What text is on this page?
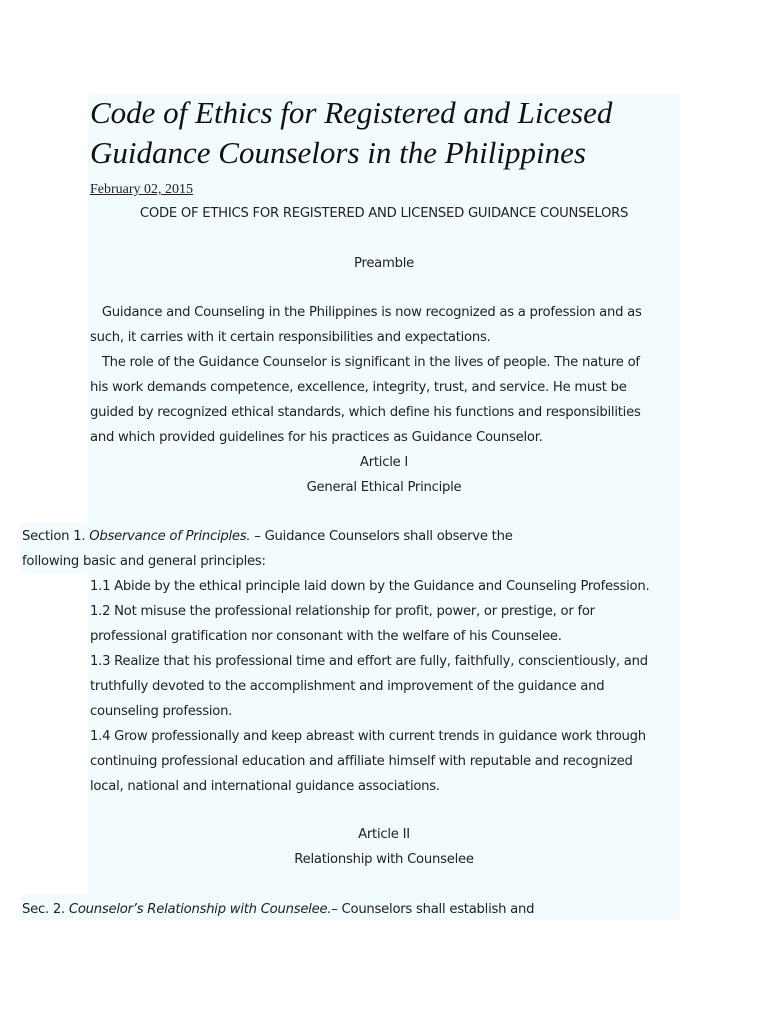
Code of Ethics for Registered and Licesed Guidance Counselors in the Philippines
February 02, 2015
CODE OF ETHICS FOR REGISTERED AND LICENSED GUIDANCE COUNSELORS
Preamble
Guidance and Counseling in the Philippines is now recognized as a profession and as
such, it carries with it certain responsibilities and expectations.
The role of the Guidance Counselor is significant in the lives of people. The nature of
his work demands competence, excellence, integrity, trust, and service. He must be
guided by recognized ethical standards, which define his functions and responsibilities
and which provided guidelines for his practices as Guidance Counselor.
Article I
General Ethical Principle
Section 1. Observance of Principles. – Guidance Counselors shall observe the
following basic and general principles:
1.1 Abide by the ethical principle laid down by the Guidance and Counseling Profession.
1.2 Not misuse the professional relationship for profit, power, or prestige, or for
professional gratification nor consonant with the welfare of his Counselee.
1.3 Realize that his professional time and effort are fully, faithfully, conscientiously, and
truthfully devoted to the accomplishment and improvement of the guidance and
counseling profession.
1.4 Grow professionally and keep abreast with current trends in guidance work through
continuing professional education and affiliate himself with reputable and recognized
local, national and international guidance associations.
Article II
Relationship with Counselee
Sec. 2. Counselor’s Relationship with Counselee.– Counselors shall establish and
